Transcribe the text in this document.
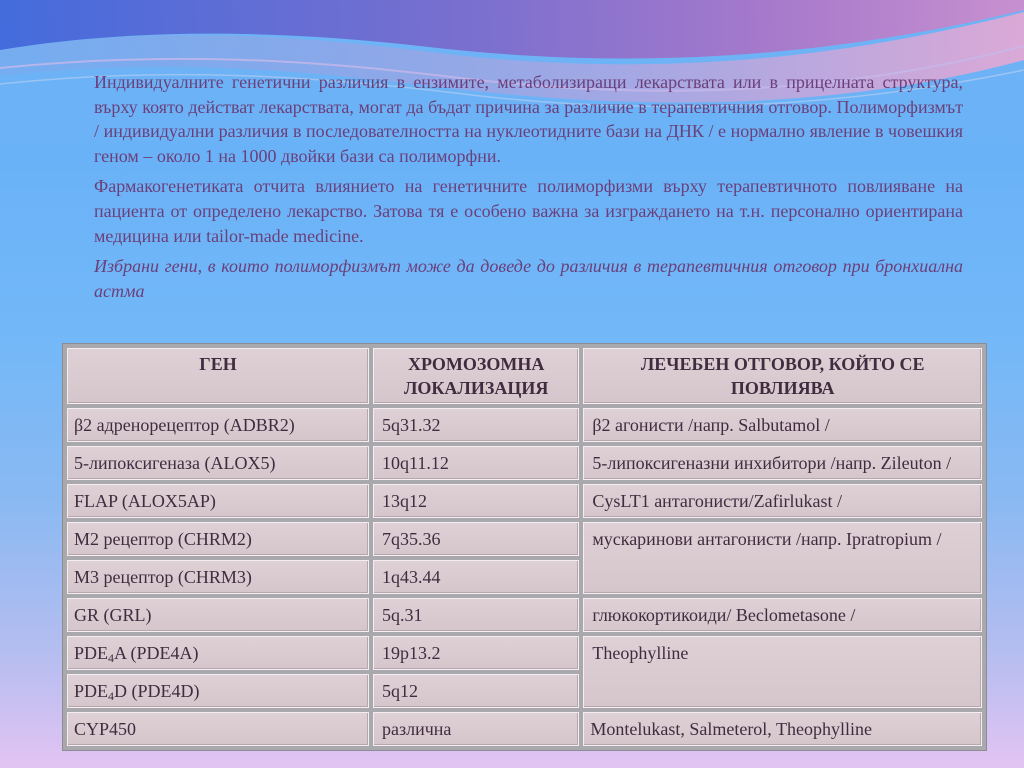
Индивидуалните генетични различия в ензимите, метаболизиращи лекарствата или в прицелната структура, върху която действат лекарствата, могат да бъдат причина за различие в терапевтичния отговор. Полиморфизмът / индивидуални различия в последователността на нуклеотидните бази на ДНК / е нормално явление в човешкия геном – около 1 на 1000 двойки бази са полиморфни.

Фармакогенетиката отчита влиянието на генетичните полиморфизми върху терапевтичното повлияване на пациента от определено лекарство. Затова тя е особено важна за изграждането на т.н. персонално ориентирана медицина или tailor-made medicine.

Избрани гени, в които полиморфизмът може да доведе до различия в терапевтичния отговор при бронхиална астма

ГЕН	ХРОМОЗОМНА ЛОКАЛИЗАЦИЯ	ЛЕЧЕБЕН ОТГОВОР, КОЙТО СЕ ПОВЛИЯВА
β2 адренорецептор (ADBR2)	5q31.32	β2 агонисти /напр. Salbutamol /
5-липоксигеназа (ALOX5)	10q11.12	5-липоксигеназни инхибитори /напр. Zileuton /
FLAP (ALOX5AP)	13q12	CysLT1 антагонисти/Zafirlukast /
M2 рецептор (CHRM2)	7q35.36	мускаринови антагонисти /напр. Ipratropium /
M3 рецептор (CHRM3)	1q43.44	
GR (GRL)	5q.31	глюкокортикоиди/ Beclometasone /
$PDE_4A$ (PDE4A)	19p13.2	Theophylline
$PDE_4D$ (PDE4D)	5q12	
CYP450	различна	Montelukast, Salmeterol, Theophylline
